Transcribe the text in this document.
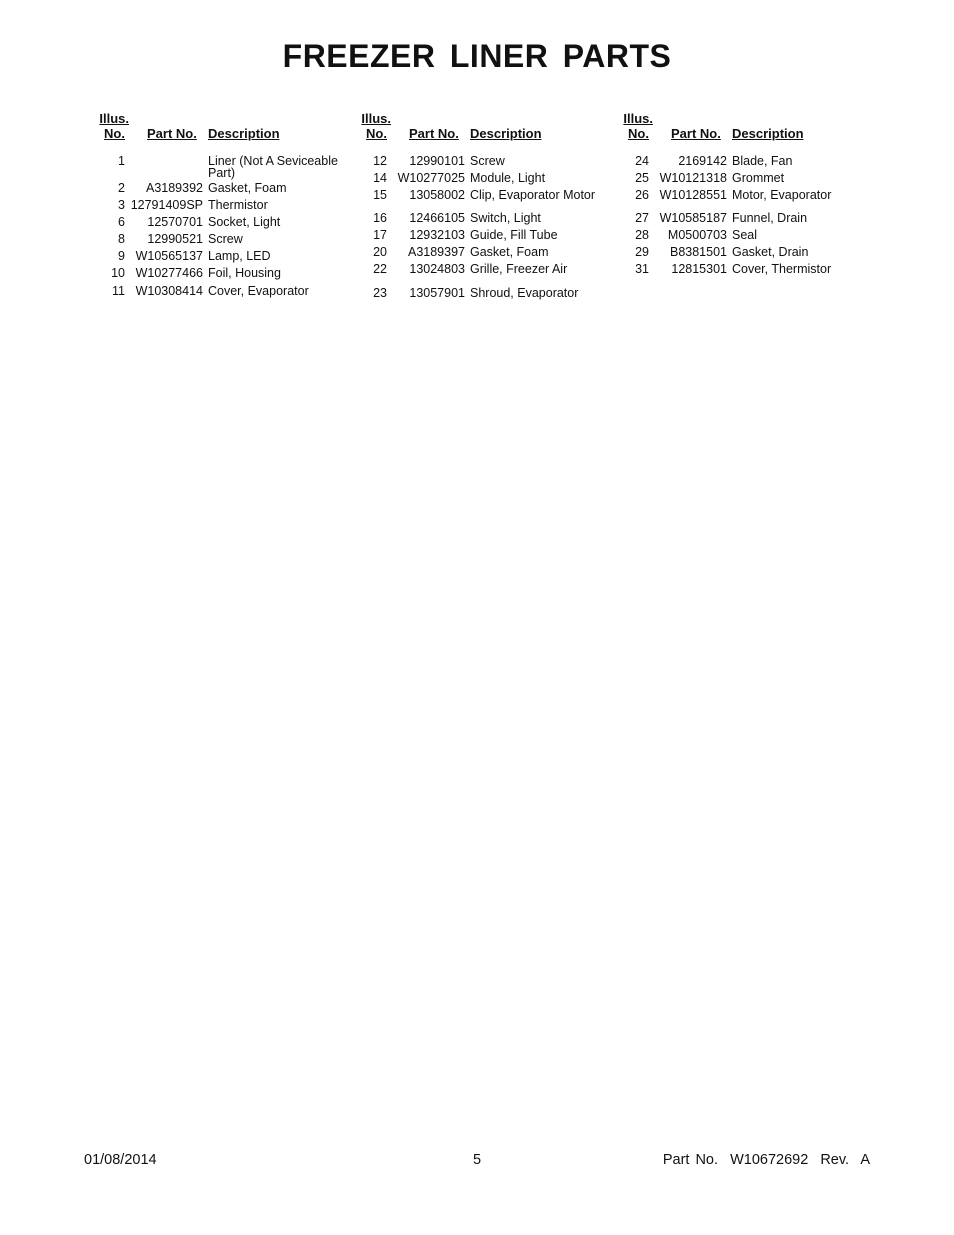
FREEZER LINER PARTS
Illus.
No. Part No. Description
1	Liner (Not A Seviceable Part)
2	A3189392 Gasket, Foam
3 12791409SP Thermistor
6	12570701 Socket, Light
8	12990521 Screw
9 W10565137 Lamp, LED
10 W10277466 Foil, Housing
11 W10308414 Cover, Evaporator
Illus.
No. Part No. Description
12	12990101 Screw
14 W10277025 Module, Light
15	13058002 Clip, Evaporator Motor
16	12466105 Switch, Light
17	12932103 Guide, Fill Tube
20	A3189397 Gasket, Foam
22	13024803 Grille, Freezer Air
23	13057901 Shroud, Evaporator
Illus.
No. Part No. Description
24	2169142 Blade, Fan
25 W10121318 Grommet
26 W10128551 Motor, Evaporator
27 W10585187 Funnel, Drain
28	M0500703 Seal
29	B8381501 Gasket, Drain
31	12815301 Cover, Thermistor
01/08/2014	5	Part No.  W10672692  Rev.  A
